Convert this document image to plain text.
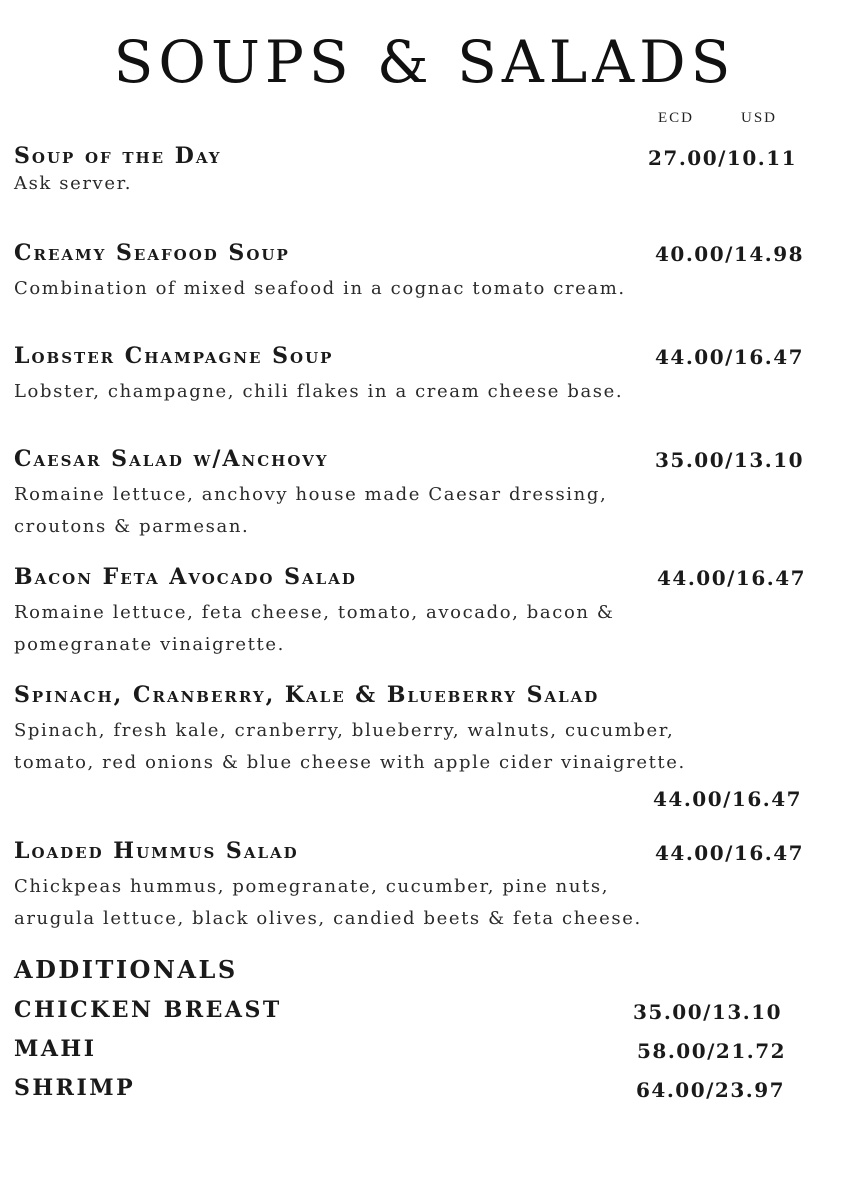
SOUPS & SALADS
ECD	USD
Soup of the Day	27.00/10.11
Ask server.
Creamy Seafood Soup	40.00/14.98
Combination of mixed seafood in a cognac tomato cream.
Lobster Champagne Soup	44.00/16.47
Lobster, champagne, chili flakes in a cream cheese base.
Caesar Salad w/Anchovy	35.00/13.10
Romaine lettuce, anchovy house made Caesar dressing,
croutons & parmesan.
Bacon Feta Avocado Salad	44.00/16.47
Romaine lettuce, feta cheese, tomato, avocado, bacon &
pomegranate vinaigrette.
Spinach, Cranberry, Kale & Blueberry Salad
Spinach, fresh kale, cranberry, blueberry, walnuts, cucumber,
tomato, red onions & blue cheese with apple cider vinaigrette.
44.00/16.47
Loaded Hummus Salad	44.00/16.47
Chickpeas hummus, pomegranate, cucumber, pine nuts,
arugula lettuce, black olives, candied beets & feta cheese.
ADDITIONALS
CHICKEN BREAST	35.00/13.10
MAHI	58.00/21.72
SHRIMP	64.00/23.97
